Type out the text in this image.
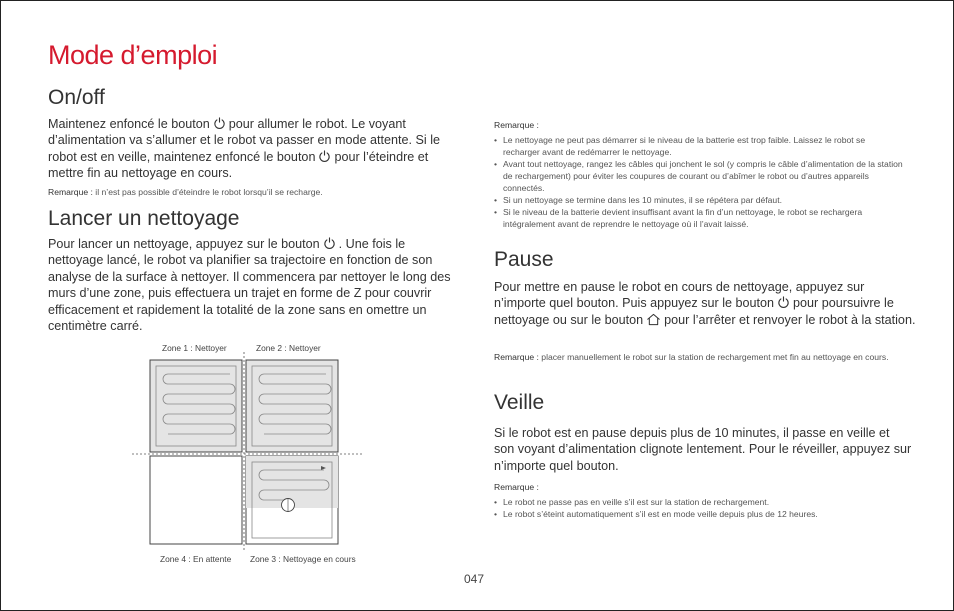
Mode d’emploi
On/off

Maintenez enfoncé le bouton pour allumer le robot. Le voyant d’alimentation va s’allumer et le robot va passer en mode attente. Si le robot est en veille, maintenez enfoncé le bouton pour l’éteindre et mettre fin au nettoyage en cours.

Remarque : il n’est pas possible d’éteindre le robot lorsqu’il se recharge.

Lancer un nettoyage

Pour lancer un nettoyage, appuyez sur le bouton . Une fois le nettoyage lancé, le robot va planifier sa trajectoire en fonction de son analyse de la surface à nettoyer. Il commencera par nettoyer le long des murs d’une zone, puis effectuera un trajet en forme de Z pour couvrir efficacement et rapidement la totalité de la zone sans en omettre un centimètre carré.

Zone 1 : Nettoyer	Zone 2 : Nettoyer
Zone 4 : En attente Zone 3 : Nettoyage en cours
Remarque :
• Le nettoyage ne peut pas démarrer si le niveau de la batterie est trop faible. Laissez le robot se recharger avant de redémarrer le nettoyage.
• Avant tout nettoyage, rangez les câbles qui jonchent le sol (y compris le câble d’alimentation de la station de rechargement) pour éviter les coupures de courant ou d’abîmer le robot ou d’autres appareils connectés.
• Si un nettoyage se termine dans les 10 minutes, il se répétera par défaut.
• Si le niveau de la batterie devient insuffisant avant la fin d’un nettoyage, le robot se rechargera intégralement avant de reprendre le nettoyage où il l’avait laissé.
Pause

Pour mettre en pause le robot en cours de nettoyage, appuyez sur n’importe quel bouton. Puis appuyez sur le bouton pour poursuivre le nettoyage ou sur le bouton pour l’arrêter et renvoyer le robot à la station.

Remarque : placer manuellement le robot sur la station de rechargement met fin au nettoyage en cours.

Veille

Si le robot est en pause depuis plus de 10 minutes, il passe en veille et son voyant d’alimentation clignote lentement. Pour le réveiller, appuyez sur n’importe quel bouton.

Remarque :
• Le robot ne passe pas en veille s’il est sur la station de rechargement.
• Le robot s’éteint automatiquement s’il est en mode veille depuis plus de 12 heures.
047
